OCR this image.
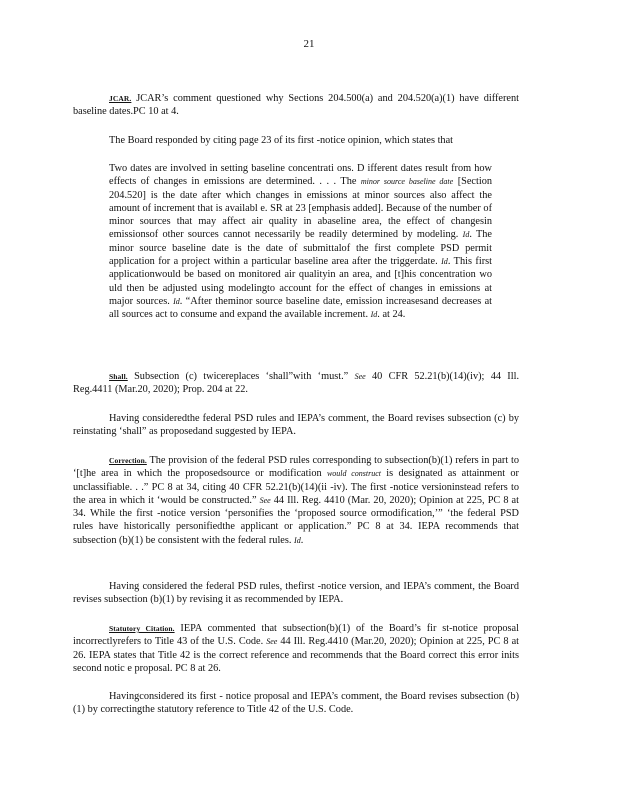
21
JCAR. JCAR’s comment questioned why Sections 204.500(a) and 204.520(a)(1) have different baseline dates.PC 10 at 4.
The Board responded by citing page 23 of its first -notice opinion, which states that
Two dates are involved in setting baseline concentrati ons. D ifferent dates result from how effects of changes in emissions are determined. . . . The minor source baseline date [Section 204.520] is the date after which changes in emissions at minor sources also affect the amount of increment that is availabl e. SR at 23 [emphasis added]. Because of the number of minor sources that may affect air quality in abaseline area, the effect of changesin emissionsof other sources cannot necessarily be readily determined by modeling. Id. The minor source baseline date is the date of submittalof the first complete PSD permit application for a project within a particular baseline area after the triggerdate. Id. This first applicationwould be based on monitored air qualityin an area, and [t]his concentration wo uld then be adjusted using modelingto account for the effect of changes in emissions at major sources. Id. “After theminor source baseline date, emission increasesand decreases at all sources act to consume and expand the available increment. Id. at 24.
Shall. Subsection (c) twicereplaces ‘shall”with ‘must.” See 40 CFR 52.21(b)(14)(iv); 44 Ill. Reg.4411 (Mar.20, 2020); Prop. 204 at 22.
Having consideredthe federal PSD rules and IEPA’s comment, the Board revises subsection (c) by reinstating ‘shall” as proposedand suggested by IEPA.
Correction. The provision of the federal PSD rules corresponding to subsection(b)(1) refers in part to ‘[t]he area in which the proposedsource or modification would construct is designated as attainment or unclassifiable. . .” PC 8 at 34, citing 40 CFR 52.21(b)(14)(ii -iv). The first -notice versioninstead refers to the area in which it ‘would be constructed.” See 44 Ill. Reg. 4410 (Mar. 20, 2020); Opinion at 225, PC 8 at 34. While the first -notice version ‘personifies the ‘proposed source ormodification,’” ‘the federal PSD rules have historically personifiedthe applicant or application.” PC 8 at 34. IEPA recommends that subsection (b)(1) be consistent with the federal rules. Id.
Having considered the federal PSD rules, thefirst -notice version, and IEPA’s comment, the Board revises subsection (b)(1) by revising it as recommended by IEPA.
Statutory Citation. IEPA commented that subsection(b)(1) of the Board’s fir st-notice proposal incorrectlyrefers to Title 43 of the U.S. Code. See 44 Ill. Reg.4410 (Mar.20, 2020); Opinion at 225, PC 8 at 26. IEPA states that Title 42 is the correct reference and recommends that the Board correct this error inits second notic e proposal. PC 8 at 26.
Havingconsidered its first - notice proposal and IEPA’s comment, the Board revises subsection (b)(1) by correctingthe statutory reference to Title 42 of the U.S. Code.
